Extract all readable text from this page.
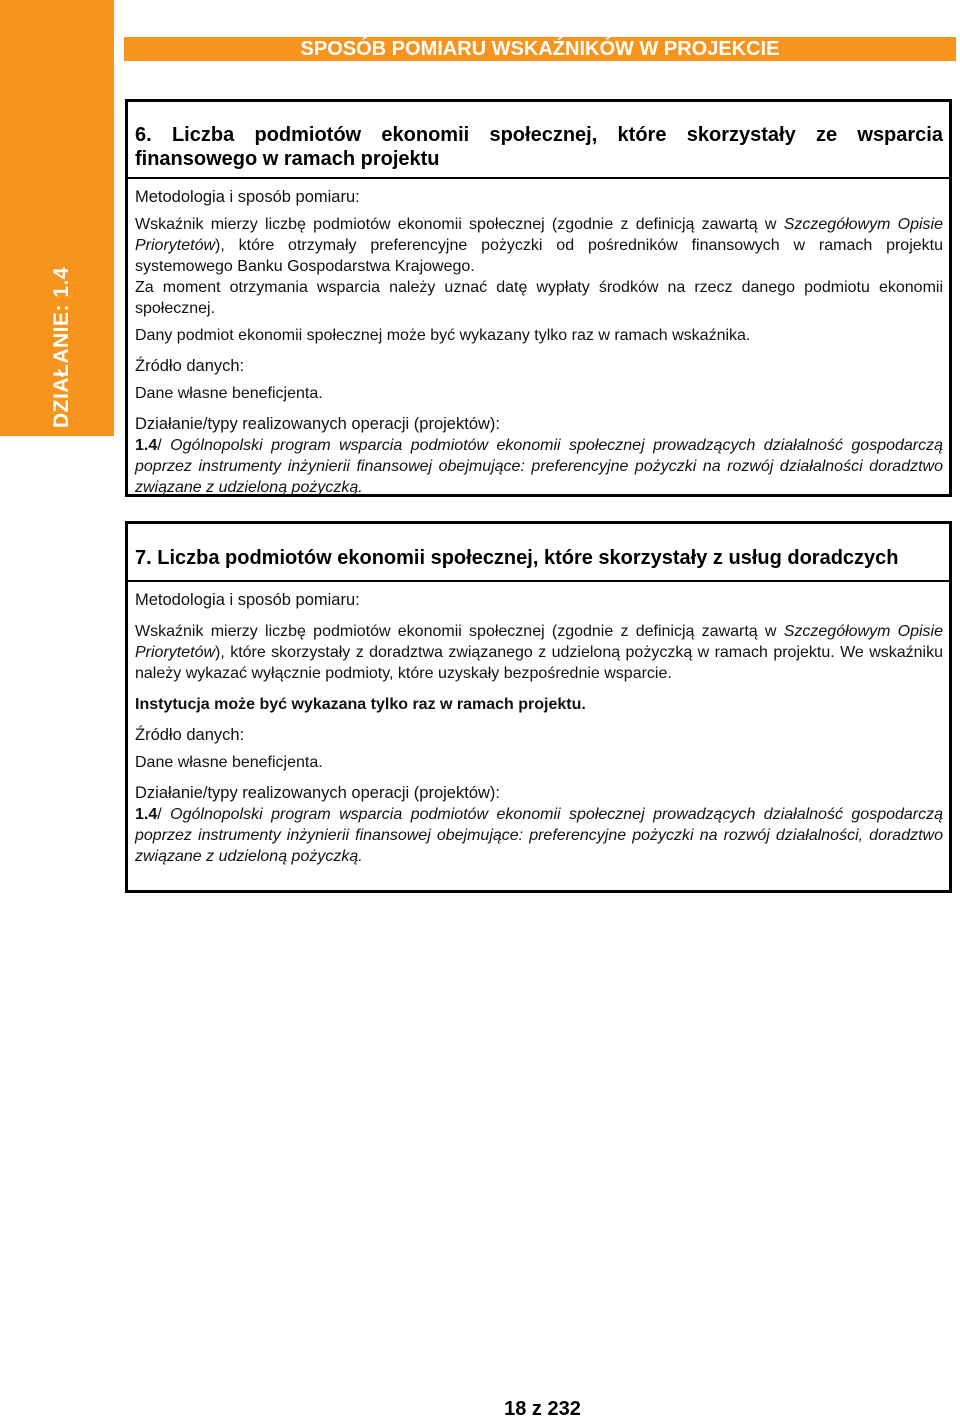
DZIAŁANIE: 1.4
SPOSÓB POMIARU WSKAŹNIKÓW W PROJEKCIE
6. Liczba podmiotów ekonomii społecznej, które skorzystały ze wsparcia finansowego w ramach projektu
Metodologia i sposób pomiaru:
Wskaźnik mierzy liczbę podmiotów ekonomii społecznej (zgodnie z definicją zawartą w Szczegółowym Opisie Priorytetów), które otrzymały preferencyjne pożyczki od pośredników finansowych w ramach projektu systemowego Banku Gospodarstwa Krajowego.
Za moment otrzymania wsparcia należy uznać datę wypłaty środków na rzecz danego podmiotu ekonomii społecznej.
Dany podmiot ekonomii społecznej może być wykazany tylko raz w ramach wskaźnika.
Źródło danych:
Dane własne beneficjenta.
Działanie/typy realizowanych operacji (projektów):
1.4/ Ogólnopolski program wsparcia podmiotów ekonomii społecznej prowadzących działalność gospodarczą poprzez instrumenty inżynierii finansowej obejmujące: preferencyjne pożyczki na rozwój działalności doradztwo związane z udzieloną pożyczką.
7. Liczba podmiotów ekonomii społecznej, które skorzystały z usług doradczych
Metodologia i sposób pomiaru:
Wskaźnik mierzy liczbę podmiotów ekonomii społecznej (zgodnie z definicją zawartą w Szczegółowym Opisie Priorytetów), które skorzystały z doradztwa związanego z udzieloną pożyczką w ramach projektu. We wskaźniku należy wykazać wyłącznie podmioty, które uzyskały bezpośrednie wsparcie.
Instytucja może być wykazana tylko raz w ramach projektu.
Źródło danych:
Dane własne beneficjenta.
Działanie/typy realizowanych operacji (projektów):
1.4/ Ogólnopolski program wsparcia podmiotów ekonomii społecznej prowadzących działalność gospodarczą poprzez instrumenty inżynierii finansowej obejmujące: preferencyjne pożyczki na rozwój działalności, doradztwo związane z udzieloną pożyczką.
18 z 232
